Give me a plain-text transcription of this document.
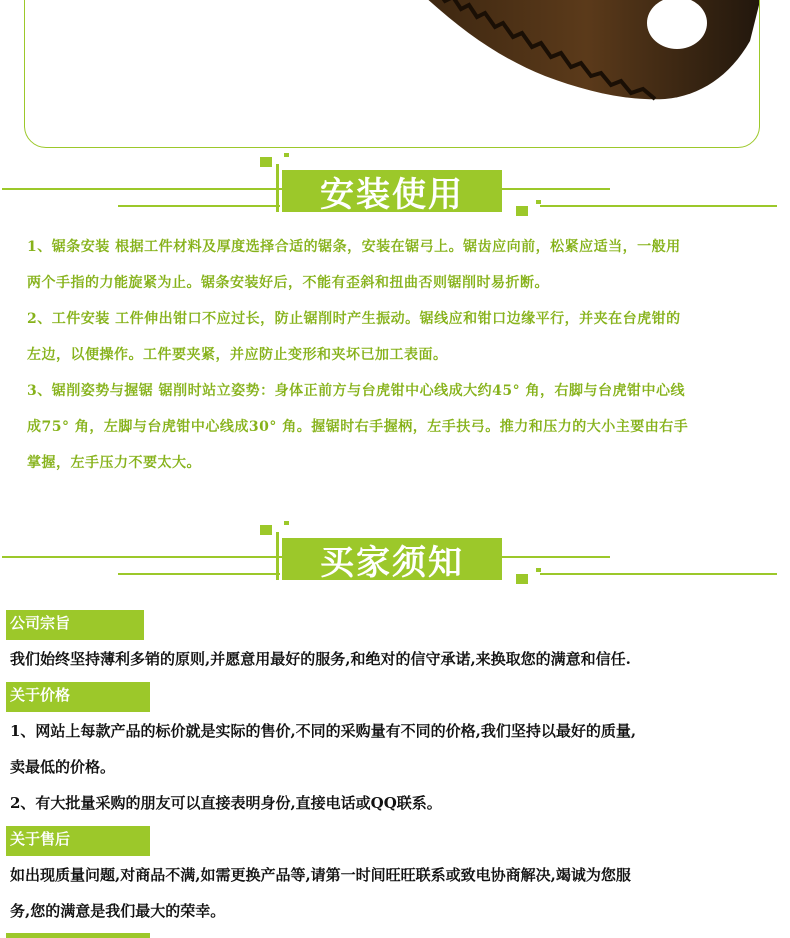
安装使用
1、锯条安装 根据工件材料及厚度选择合适的锯条，安装在锯弓上。锯齿应向前，松紧应适当，一般用
两个手指的力能旋紧为止。锯条安装好后，不能有歪斜和扭曲否则锯削时易折断。
2、工件安装 工件伸出钳口不应过长，防止锯削时产生振动。锯线应和钳口边缘平行，并夹在台虎钳的
左边，以便操作。工件要夹紧，并应防止变形和夹坏已加工表面。
3、锯削姿势与握锯 锯削时站立姿势：身体正前方与台虎钳中心线成大约45° 角，右脚与台虎钳中心线
成75° 角，左脚与台虎钳中心线成30° 角。握锯时右手握柄，左手扶弓。推力和压力的大小主要由右手
掌握，左手压力不要太大。
买家须知
公司宗旨
我们始终坚持薄利多销的原则,并愿意用最好的服务,和绝对的信守承诺,来换取您的满意和信任.
关于价格
1、网站上每款产品的标价就是实际的售价,不同的采购量有不同的价格,我们坚持以最好的质量,
卖最低的价格。
2、有大批量采购的朋友可以直接表明身份,直接电话或QQ联系。
关于售后
如出现质量问题,对商品不满,如需更换产品等,请第一时间旺旺联系或致电协商解决,竭诚为您服
务,您的满意是我们最大的荣幸。
